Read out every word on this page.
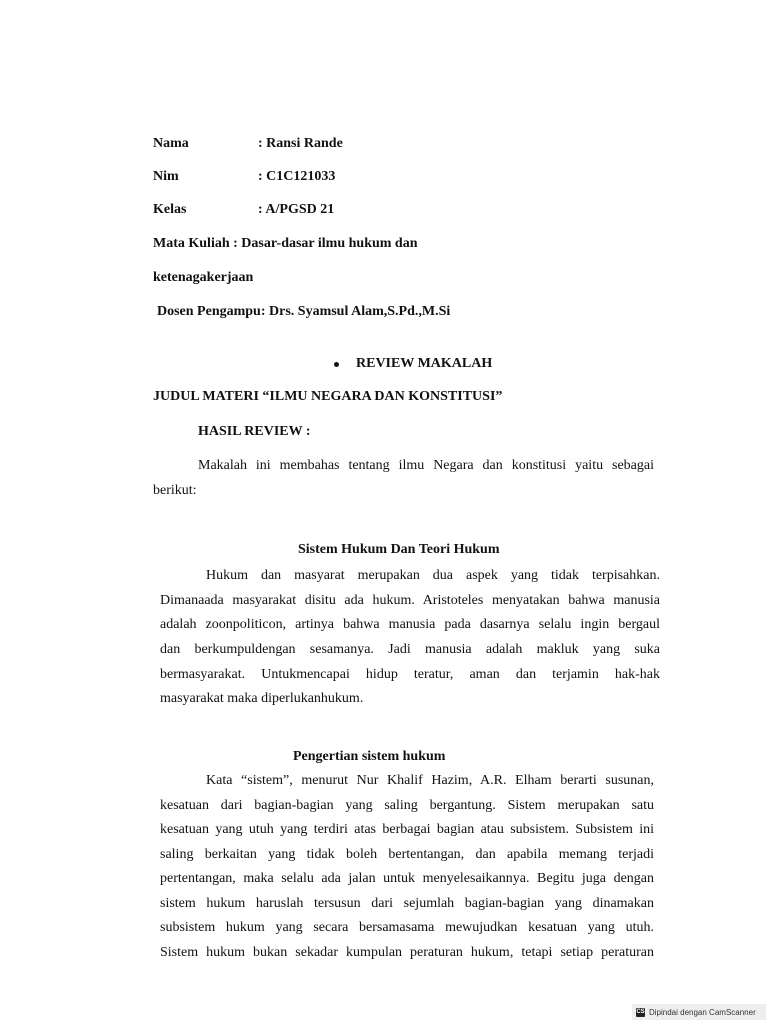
Nama	: Ransi Rande
Nim	: C1C121033
Kelas	: A/PGSD 21
Mata Kuliah : Dasar-dasar ilmu hukum dan
ketenagakerjaan
Dosen Pengampu: Drs. Syamsul Alam,S.Pd.,M.Si
REVIEW MAKALAH
JUDUL MATERI “ILMU NEGARA DAN KONSTITUSI”
HASIL REVIEW :
Makalah ini membahas tentang ilmu Negara dan konstitusi yaitu sebagai
berikut:
Sistem Hukum Dan Teori Hukum
Hukum dan masyarat merupakan dua aspek yang tidak terpisahkan.
Dimanaada masyarakat disitu ada hukum. Aristoteles menyatakan bahwa manusia
adalah zoonpoliticon, artinya bahwa manusia pada dasarnya selalu ingin bergaul
dan berkumpuldengan sesamanya. Jadi manusia adalah makluk yang suka
bermasyarakat. Untukmencapai hidup teratur, aman dan terjamin hak-hak
masyarakat maka diperlukanhukum.
Pengertian sistem hukum
Kata “sistem”, menurut Nur Khalif Hazim, A.R. Elham berarti susunan,
kesatuan dari bagian-bagian yang saling bergantung. Sistem merupakan satu
kesatuan yang utuh yang terdiri atas berbagai bagian atau subsistem. Subsistem ini
saling berkaitan yang tidak boleh bertentangan, dan apabila memang terjadi
pertentangan, maka selalu ada jalan untuk menyelesaikannya. Begitu juga dengan
sistem hukum haruslah tersusun dari sejumlah bagian-bagian yang dinamakan
subsistem hukum yang secara bersamasama mewujudkan kesatuan yang utuh.
Sistem hukum bukan sekadar kumpulan peraturan hukum, tetapi setiap peraturan
CS Dipindai dengan CamScanner
